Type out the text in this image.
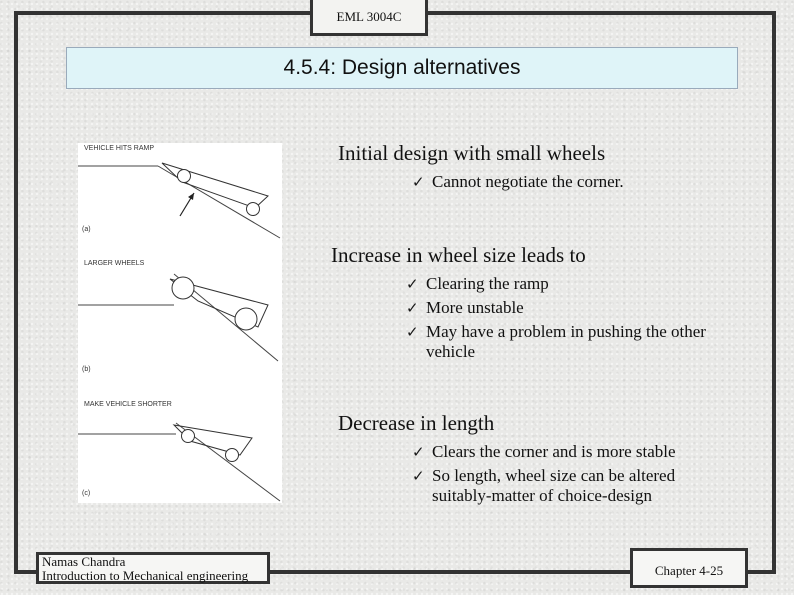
EML 3004C
4.5.4: Design alternatives
VEHICLE HITS RAMP
(a)
LARGER WHEELS
(b)
MAKE VEHICLE SHORTER
(c)
Initial design with small wheels
✓ Cannot negotiate the corner.
Increase in wheel size leads to
✓ Clearing the ramp
✓ More unstable
✓ May have a problem in pushing the other vehicle
Decrease in length
✓ Clears the corner and is more stable
✓ So length, wheel size can be altered suitably-matter of choice-design
Namas Chandra
Introduction to Mechanical engineering	Chapter 4-25
